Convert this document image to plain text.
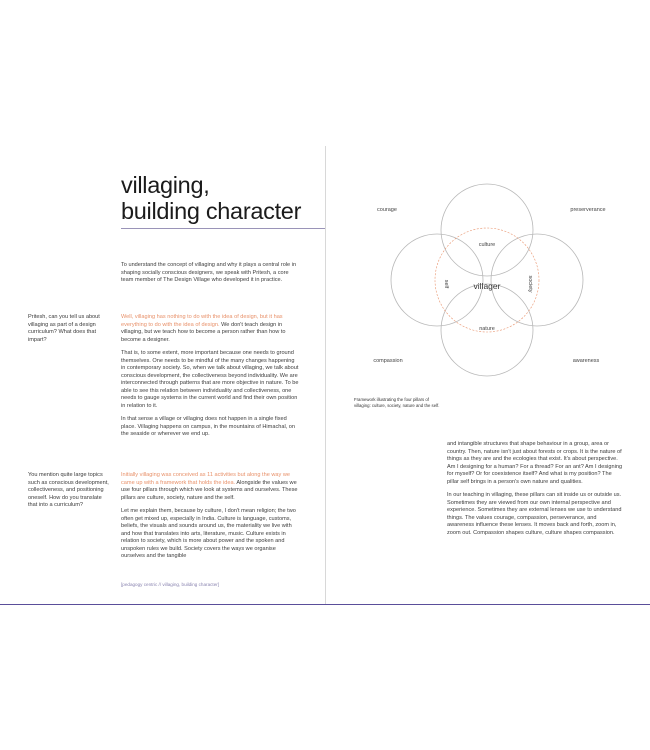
villaging,
building character

To understand the concept of villaging and why it plays a central role in shaping socially conscious designers, we speak with Pritesh, a core team member of The Design Village who developed it in practice.

Pritesh, can you tell us about villaging as part of a design curriculum? What does that impart?

Well, villaging has nothing to do with the idea of design, but it has everything to do with the idea of design. We don't teach design in villaging, but we teach how to become a person rather than how to become a designer.

That is, to some extent, more important because one needs to ground themselves. One needs to be mindful of the many changes happening in contemporary society. So, when we talk about villaging, we talk about conscious development, the collectiveness beyond individuality. We are interconnected through patterns that are more objective in nature. To be able to see this relation between individuality and collectiveness, one needs to gauge systems in the current world and find their own position in relation to it.

In that sense a village or villaging does not happen in a single fixed place. Villaging happens on campus, in the mountains of Himachal, on the seaside or wherever we end up.

You mention quite large topics such as conscious development, collectiveness, and positioning oneself. How do you translate that into a curriculum?

Initially villaging was conceived as 11 activities but along the way we came up with a framework that holds the idea. Alongside the values we use four pillars through which we look at systems and ourselves. These pillars are culture, society, nature and the self.

Let me explain them, because by culture, I don't mean religion; the two often get mixed up, especially in India. Culture is language, customs, beliefs, the visuals and sounds around us, the materiality we live with and how that translates into arts, literature, music. Culture exists in relation to society, which is more about power and the spoken and unspoken rules we build. Society covers the ways we organise ourselves and the tangible

[pedagogy centric // villaging, building character]
courage	preserverance
compassion	awareness
culture
nature
self	society
villager
Framework illustrating the four pillars of villaging: culture, society, nature and the self.

and intangible structures that shape behaviour in a group, area or country. Then, nature isn't just about forests or crops. It is the nature of things as they are and the ecologies that exist. It's about perspective. Am I designing for a human? For a thread? For an ant? Am I designing for myself? Or for coexistence itself? And what is my position? The pillar self brings in a person's own nature and qualities.

In our teaching in villaging, these pillars can sit inside us or outside us. Sometimes they are viewed from our own internal perspective and experience. Sometimes they are external lenses we use to understand things. The values courage, compassion, perseverance, and awareness influence these lenses. It moves back and forth, zoom in, zoom out. Compassion shapes culture, culture shapes compassion.
